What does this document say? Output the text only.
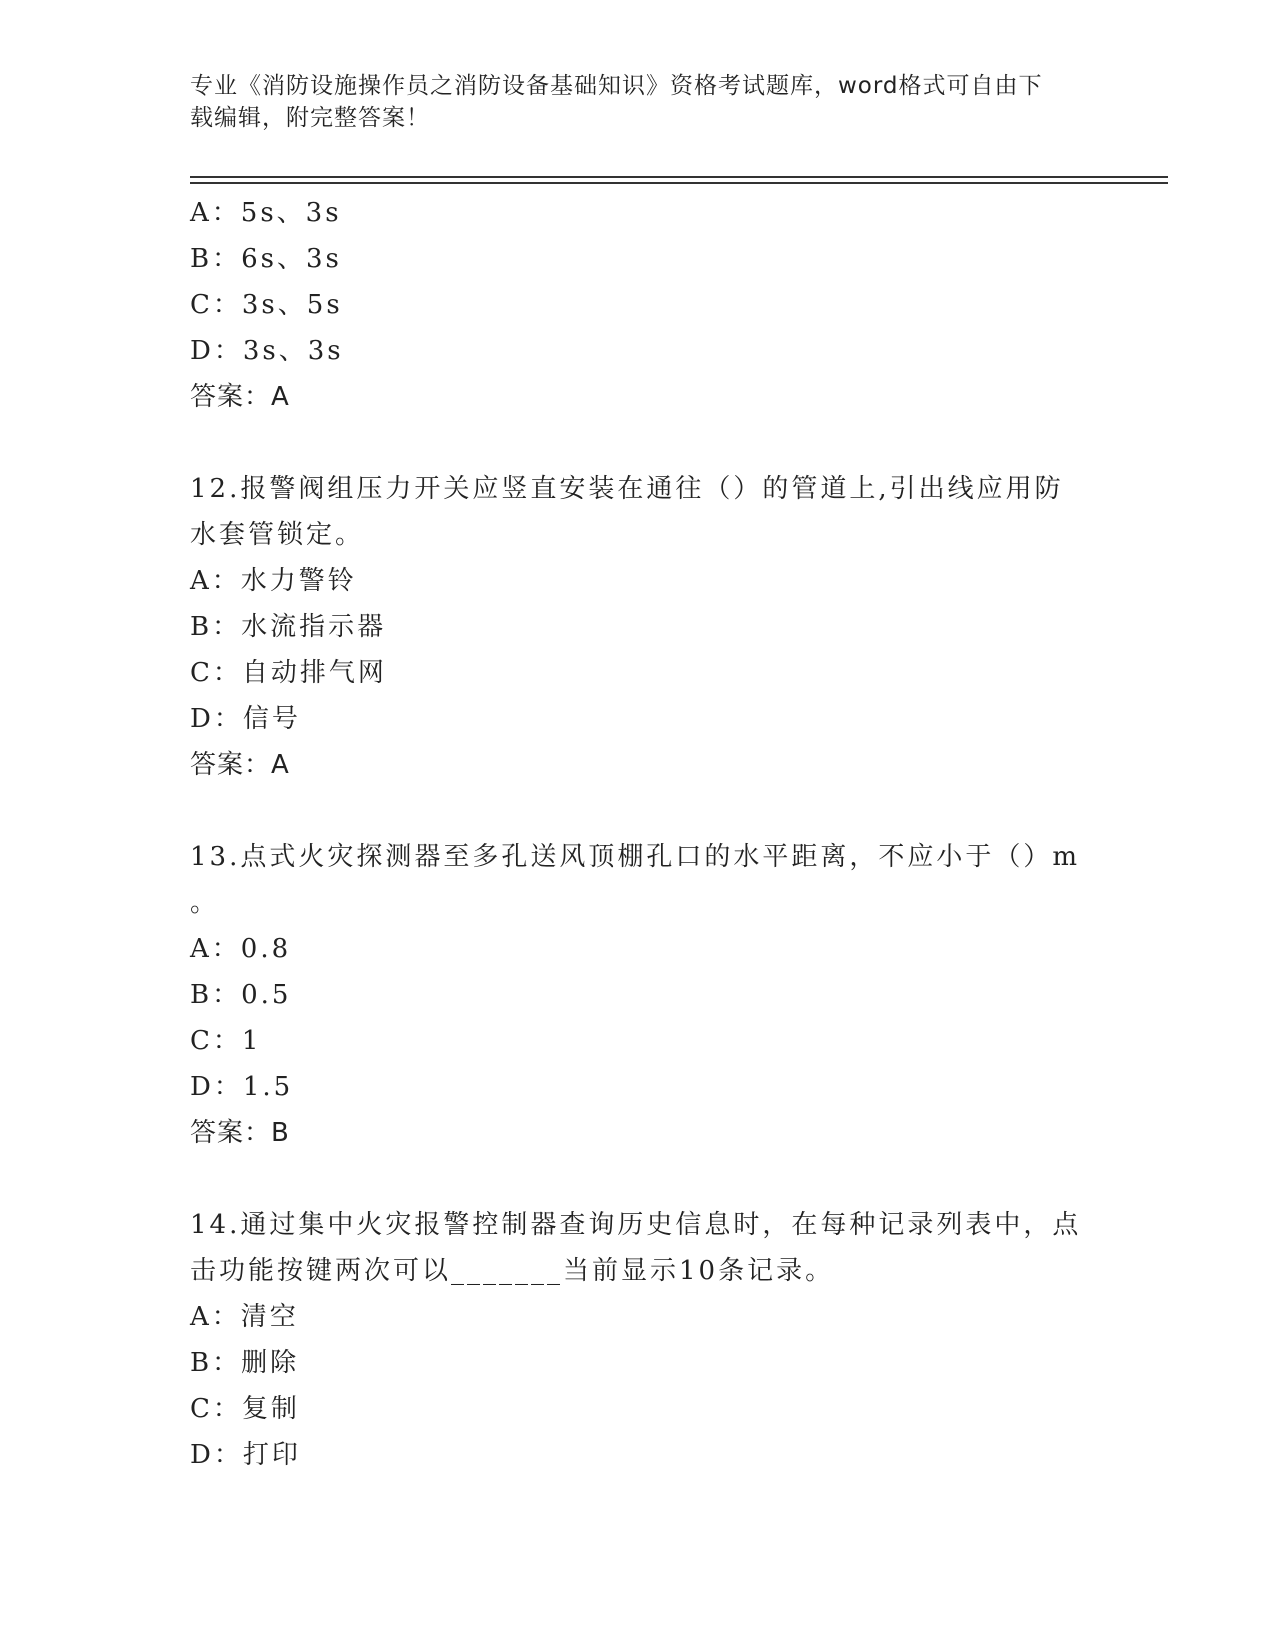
专业《消防设施操作员之消防设备基础知识》资格考试题库，word格式可自由下
载编辑，附完整答案！
A：5s、3s
B：6s、3s
C：3s、5s
D：3s、3s
答案：A
12.报警阀组压力开关应竖直安装在通往（）的管道上,引出线应用防
水套管锁定。
A：水力警铃
B：水流指示器
C：自动排气网
D：信号
答案：A
13.点式火灾探测器至多孔送风顶棚孔口的水平距离，不应小于（）m
。
A：0.8
B：0.5
C：1
D：1.5
答案：B
14.通过集中火灾报警控制器查询历史信息时，在每种记录列表中，点
击功能按键两次可以_______当前显示10条记录。
A：清空
B：删除
C：复制
D：打印
